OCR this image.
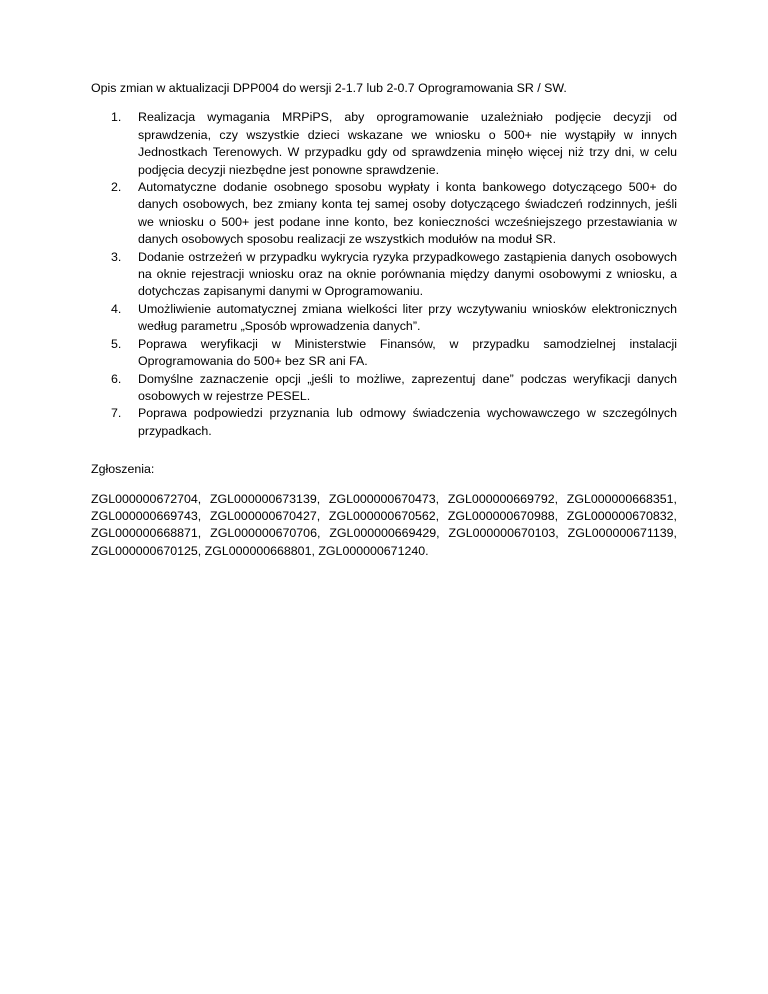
Opis zmian w aktualizacji DPP004 do wersji 2-1.7 lub 2-0.7 Oprogramowania SR / SW.

1. Realizacja wymagania MRPiPS, aby oprogramowanie uzależniało podjęcie decyzji od sprawdzenia, czy wszystkie dzieci wskazane we wniosku o 500+ nie wystąpiły w innych Jednostkach Terenowych. W przypadku gdy od sprawdzenia minęło więcej niż trzy dni, w celu podjęcia decyzji niezbędne jest ponowne sprawdzenie.
2. Automatyczne dodanie osobnego sposobu wypłaty i konta bankowego dotyczącego 500+ do danych osobowych, bez zmiany konta tej samej osoby dotyczącego świadczeń rodzinnych, jeśli we wniosku o 500+ jest podane inne konto, bez konieczności wcześniejszego przestawiania w danych osobowych sposobu realizacji ze wszystkich modułów na moduł SR.
3. Dodanie ostrzeżeń w przypadku wykrycia ryzyka przypadkowego zastąpienia danych osobowych na oknie rejestracji wniosku oraz na oknie porównania między danymi osobowymi z wniosku, a dotychczas zapisanymi danymi w Oprogramowaniu.
4. Umożliwienie automatycznej zmiana wielkości liter przy wczytywaniu wniosków elektronicznych według parametru „Sposób wprowadzenia danych”.
5. Poprawa weryfikacji w Ministerstwie Finansów, w przypadku samodzielnej instalacji Oprogramowania do 500+ bez SR ani FA.
6. Domyślne zaznaczenie opcji „jeśli to możliwe, zaprezentuj dane” podczas weryfikacji danych osobowych w rejestrze PESEL.
7. Poprawa podpowiedzi przyznania lub odmowy świadczenia wychowawczego w szczególnych przypadkach.

Zgłoszenia:

ZGL000000672704, ZGL000000673139, ZGL000000670473, ZGL000000669792, ZGL000000668351, ZGL000000669743, ZGL000000670427, ZGL000000670562, ZGL000000670988, ZGL000000670832, ZGL000000668871, ZGL000000670706, ZGL000000669429, ZGL000000670103, ZGL000000671139, ZGL000000670125, ZGL000000668801, ZGL000000671240.
